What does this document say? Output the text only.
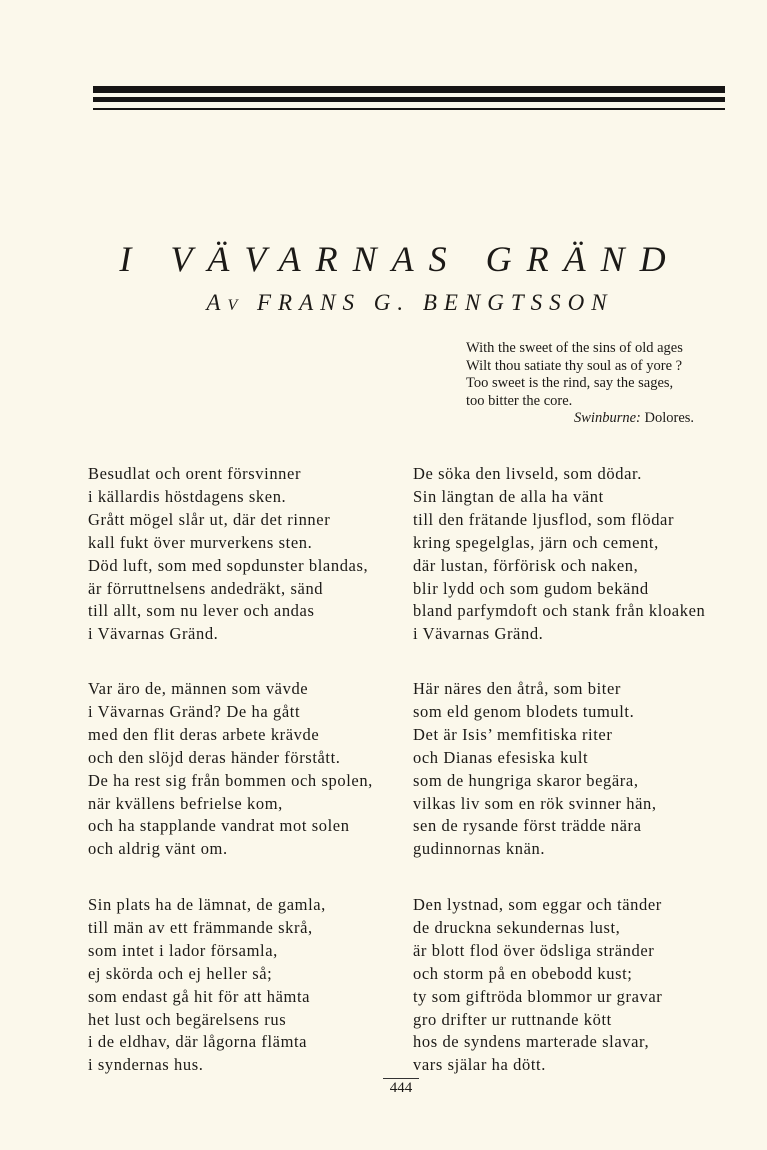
I VÄVARNAS GRÄND
AV FRANS G. BENGTSSON
With the sweet of the sins of old ages
Wilt thou satiate thy soul as of yore ?
Too sweet is the rind, say the sages,
too bitter the core.
Swinburne: Dolores.
Besudlat och orent försvinner
i källardis höstdagens sken.
Grått mögel slår ut, där det rinner
kall fukt över murverkens sten.
Död luft, som med sopdunster blandas,
är förruttnelsens andedräkt, sänd
till allt, som nu lever och andas
i Vävarnas Gränd.
De söka den livseld, som dödar.
Sin längtan de alla ha vänt
till den frätande ljusflod, som flödar
kring spegelglas, järn och cement,
där lustan, förförisk och naken,
blir lydd och som gudom bekänd
bland parfymdoft och stank från kloaken
i Vävarnas Gränd.
Var äro de, männen som vävde
i Vävarnas Gränd? De ha gått
med den flit deras arbete krävde
och den slöjd deras händer förstått.
De ha rest sig från bommen och spolen,
när kvällens befrielse kom,
och ha stapplande vandrat mot solen
och aldrig vänt om.
Här näres den åtrå, som biter
som eld genom blodets tumult.
Det är Isis’ memfitiska riter
och Dianas efesiska kult
som de hungriga skaror begära,
vilkas liv som en rök svinner hän,
sen de rysande först trädde nära
gudinnornas knän.
Sin plats ha de lämnat, de gamla,
till män av ett främmande skrå,
som intet i lador församla,
ej skörda och ej heller så;
som endast gå hit för att hämta
het lust och begärelsens rus
i de eldhav, där lågorna flämta
i syndernas hus.
Den lystnad, som eggar och tänder
de druckna sekundernas lust,
är blott flod över ödsliga stränder
och storm på en obebodd kust;
ty som giftröda blommor ur gravar
gro drifter ur ruttnande kött
hos de syndens marterade slavar,
vars själar ha dött.
444
